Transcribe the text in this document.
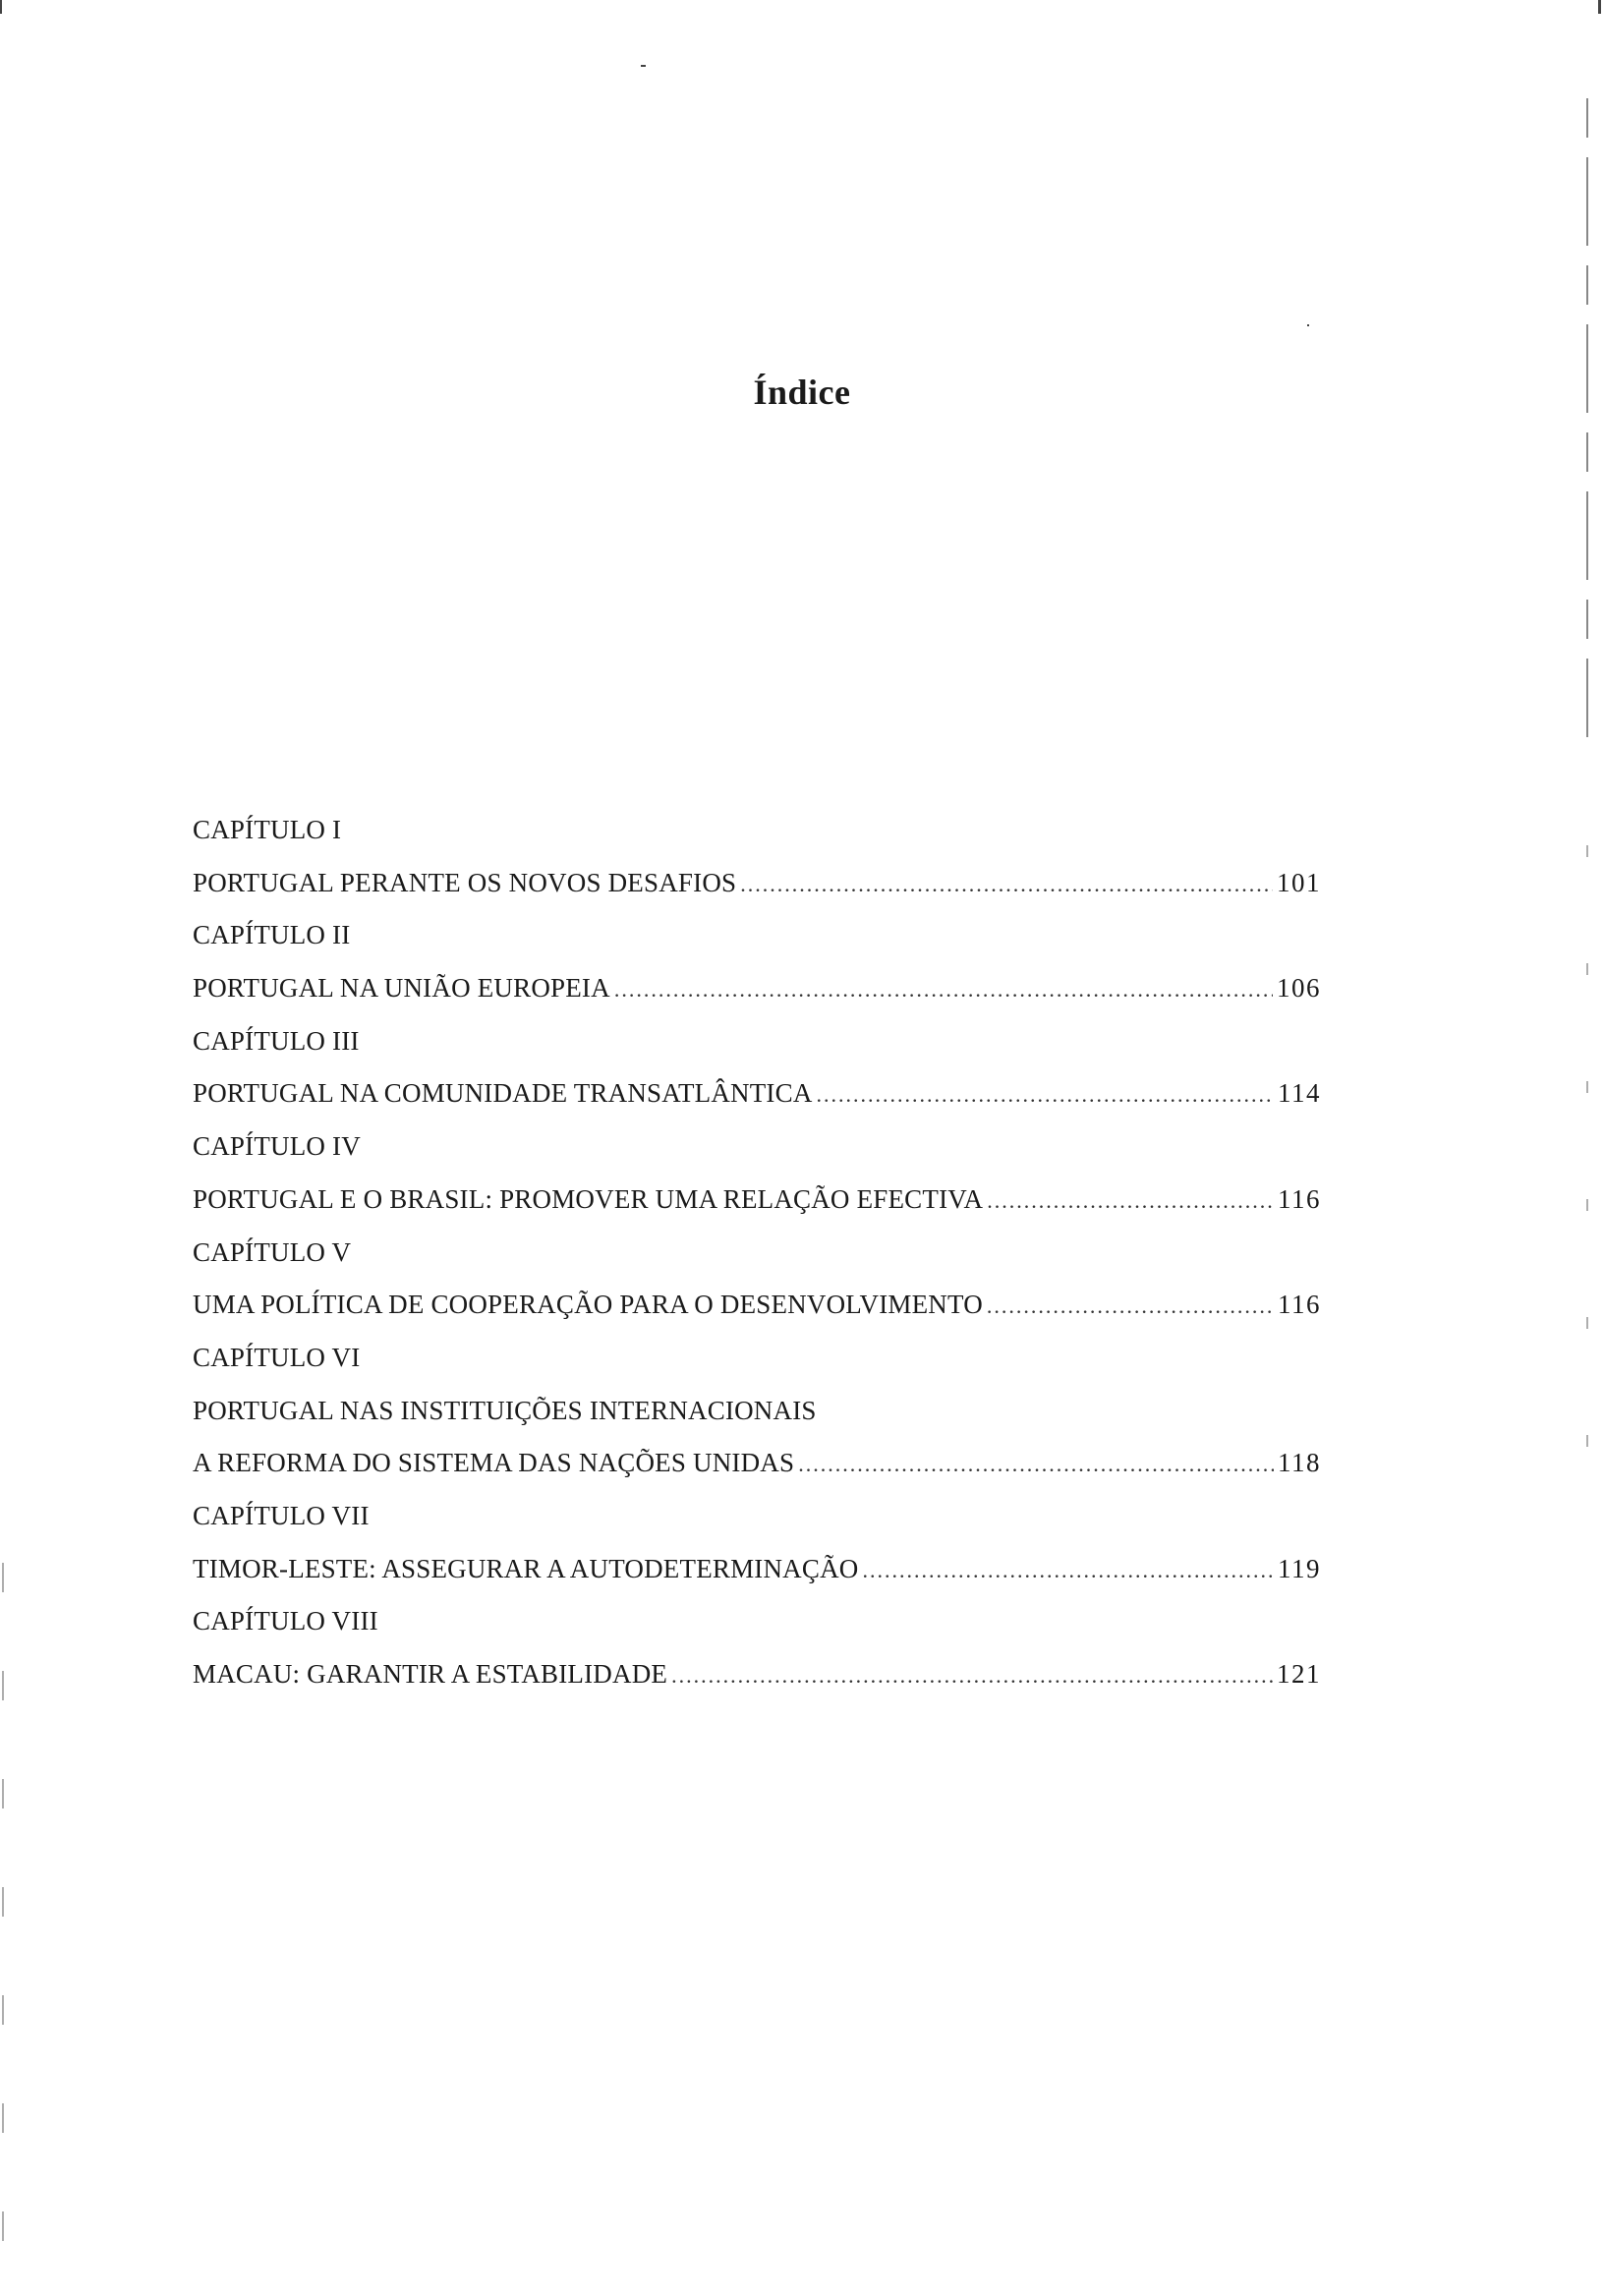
Índice
CAPÍTULO I
PORTUGAL PERANTE OS NOVOS DESAFIOS .....	101
CAPÍTULO II
PORTUGAL NA UNIÃO EUROPEIA .....	106
CAPÍTULO III
PORTUGAL NA COMUNIDADE TRANSATLÂNTICA .....	114
CAPÍTULO IV
PORTUGAL E O BRASIL: PROMOVER UMA RELAÇÃO EFECTIVA .....	116
CAPÍTULO V
UMA POLÍTICA DE COOPERAÇÃO PARA O DESENVOLVIMENTO .....	116
CAPÍTULO VI
PORTUGAL NAS INSTITUIÇÕES INTERNACIONAIS
A REFORMA DO SISTEMA DAS NAÇÕES UNIDAS .....	118
CAPÍTULO VII
TIMOR-LESTE: ASSEGURAR A AUTODETERMINAÇÃO .....	119
CAPÍTULO VIII
MACAU: GARANTIR A ESTABILIDADE .....	121
